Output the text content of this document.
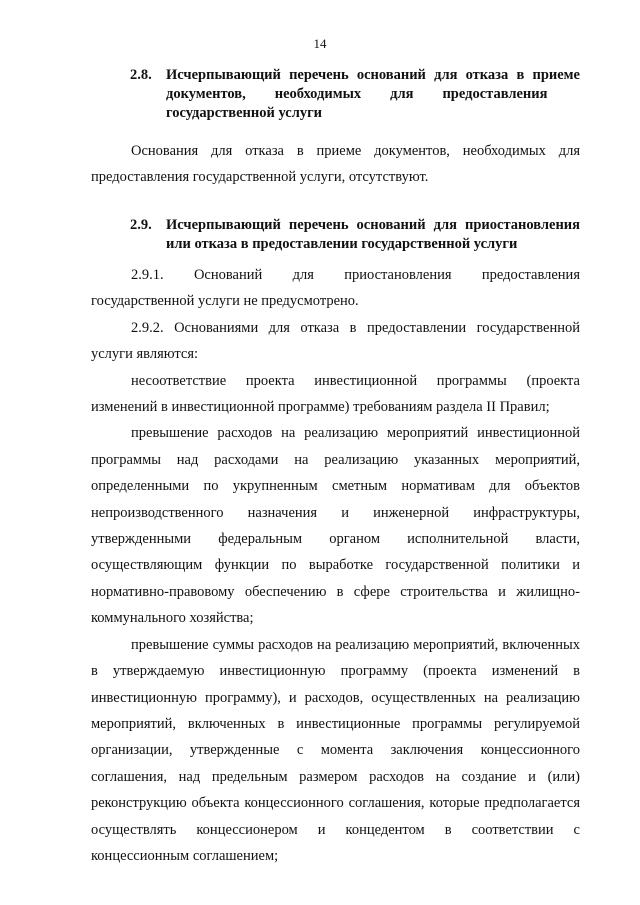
14
2.8. Исчерпывающий перечень оснований для отказа в приеме
документов,        необходимых        для        предоставления
государственной услуги

Основания для отказа в приеме документов, необходимых для предоставления государственной услуги, отсутствуют.

2.9. Исчерпывающий перечень оснований для приостановления
или отказа в предоставлении государственной услуги

2.9.1. Оснований для приостановления предоставления государственной услуги не предусмотрено.

2.9.2. Основаниями для отказа в предоставлении государственной услуги являются:

несоответствие проекта инвестиционной программы (проекта изменений в инвестиционной программе) требованиям раздела II Правил;

превышение расходов на реализацию мероприятий инвестиционной программы над расходами на реализацию указанных мероприятий, определенными по укрупненным сметным нормативам для объектов непроизводственного назначения и инженерной инфраструктуры, утвержденными федеральным органом исполнительной власти, осуществляющим функции по выработке государственной политики и нормативно-правовому обеспечению в сфере строительства и жилищно-коммунального хозяйства;

превышение суммы расходов на реализацию мероприятий, включенных в утверждаемую инвестиционную программу (проекта изменений в инвестиционную программу), и расходов, осуществленных на реализацию мероприятий, включенных в инвестиционные программы регулируемой организации, утвержденные с момента заключения концессионного соглашения, над предельным размером расходов на создание и (или) реконструкцию объекта концессионного соглашения, которые предполагается осуществлять концессионером и концедентом в соответствии с концессионным соглашением;
